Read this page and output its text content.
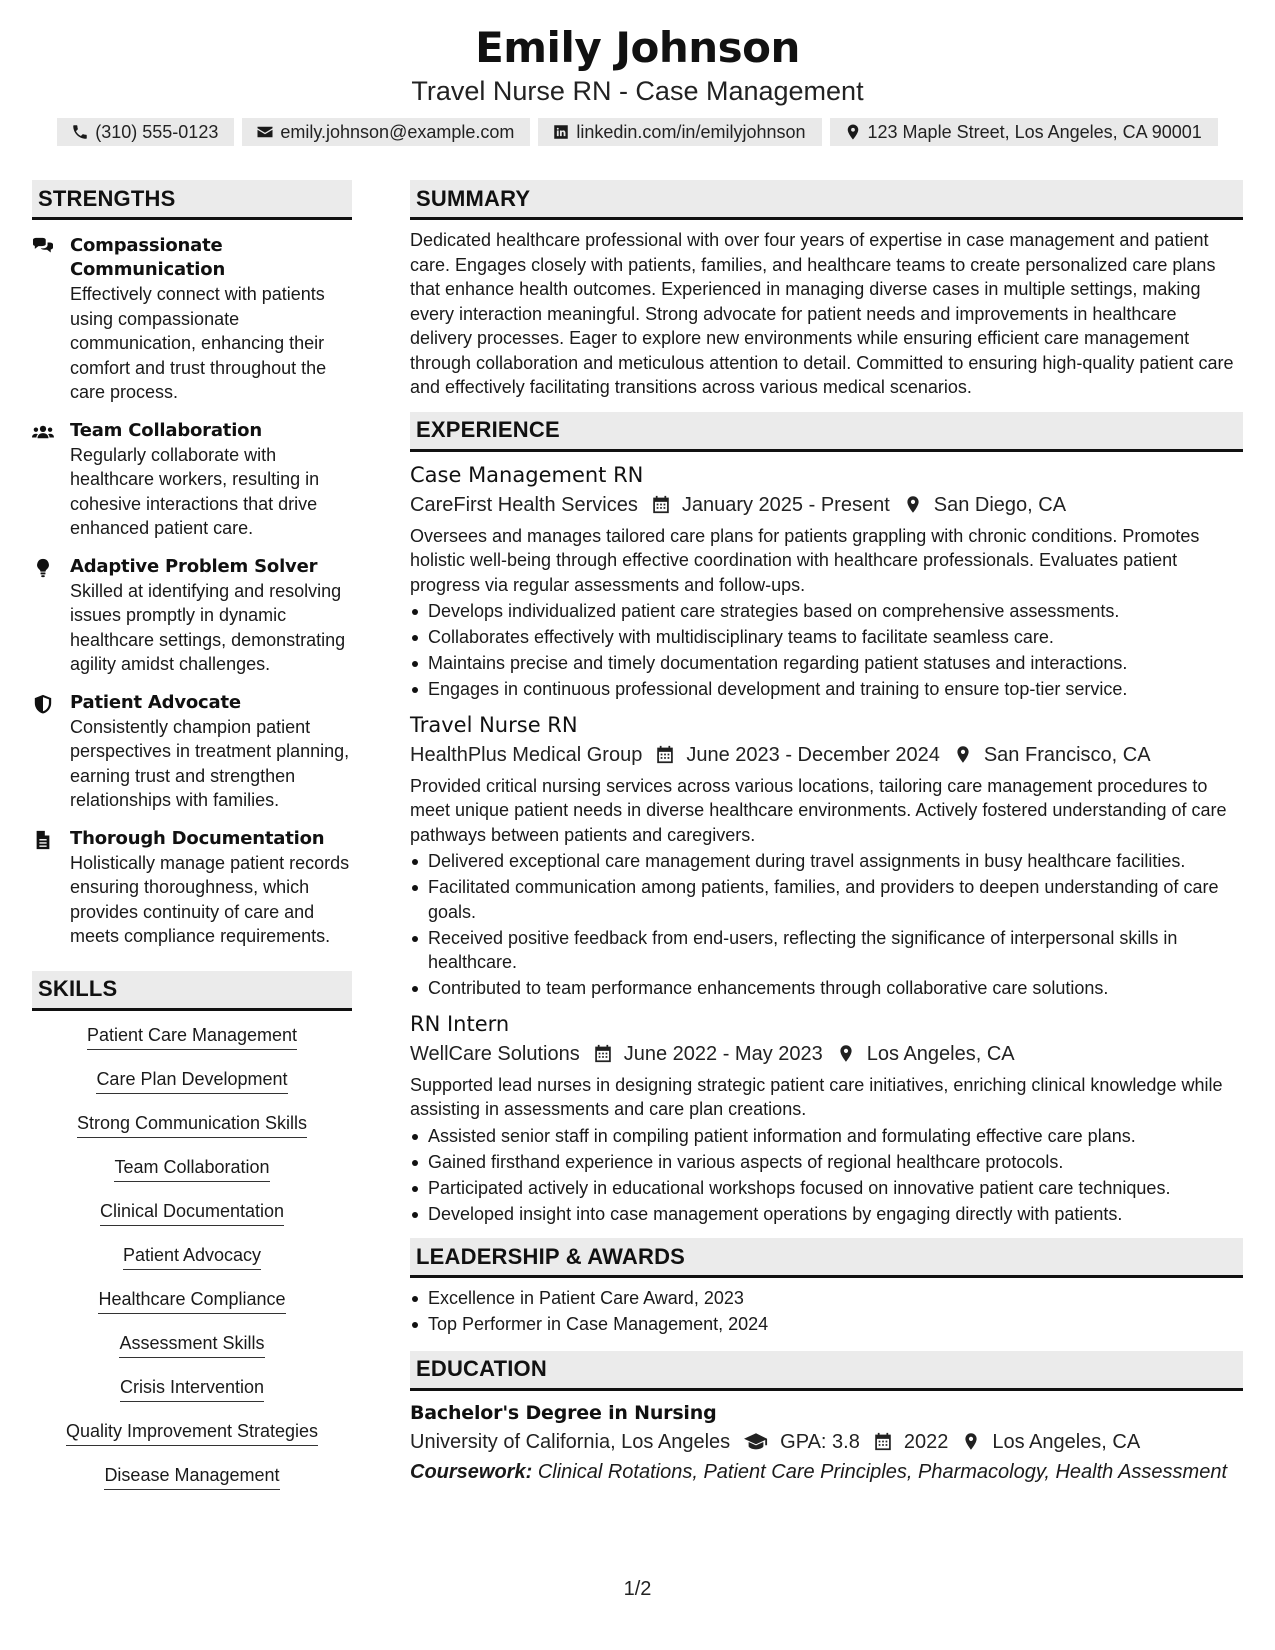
Emily Johnson
Travel Nurse RN - Case Management
(310) 555-0123	emily.johnson@example.com	linkedin.com/in/emilyjohnson	123 Maple Street, Los Angeles, CA 90001
STRENGTHS
Compassionate Communication
Effectively connect with patients using compassionate communication, enhancing their comfort and trust throughout the care process.
Team Collaboration
Regularly collaborate with healthcare workers, resulting in cohesive interactions that drive enhanced patient care.
Adaptive Problem Solver
Skilled at identifying and resolving issues promptly in dynamic healthcare settings, demonstrating agility amidst challenges.
Patient Advocate
Consistently champion patient perspectives in treatment planning, earning trust and strengthen relationships with families.
Thorough Documentation
Holistically manage patient records ensuring thoroughness, which provides continuity of care and meets compliance requirements.
SKILLS
Patient Care Management
Care Plan Development
Strong Communication Skills
Team Collaboration
Clinical Documentation
Patient Advocacy
Healthcare Compliance
Assessment Skills
Crisis Intervention
Quality Improvement Strategies
Disease Management
SUMMARY
Dedicated healthcare professional with over four years of expertise in case management and patient care. Engages closely with patients, families, and healthcare teams to create personalized care plans that enhance health outcomes. Experienced in managing diverse cases in multiple settings, making every interaction meaningful. Strong advocate for patient needs and improvements in healthcare delivery processes. Eager to explore new environments while ensuring efficient care management through collaboration and meticulous attention to detail. Committed to ensuring high-quality patient care and effectively facilitating transitions across various medical scenarios.
EXPERIENCE
Case Management RN
CareFirst Health Services January 2025 - Present San Diego, CA
Oversees and manages tailored care plans for patients grappling with chronic conditions. Promotes holistic well-being through effective coordination with healthcare professionals. Evaluates patient progress via regular assessments and follow-ups.
Develops individualized patient care strategies based on comprehensive assessments.
Collaborates effectively with multidisciplinary teams to facilitate seamless care.
Maintains precise and timely documentation regarding patient statuses and interactions.
Engages in continuous professional development and training to ensure top-tier service.
Travel Nurse RN
HealthPlus Medical Group June 2023 - December 2024 San Francisco, CA
Provided critical nursing services across various locations, tailoring care management procedures to meet unique patient needs in diverse healthcare environments. Actively fostered understanding of care pathways between patients and caregivers.
Delivered exceptional care management during travel assignments in busy healthcare facilities.
Facilitated communication among patients, families, and providers to deepen understanding of care goals.
Received positive feedback from end-users, reflecting the significance of interpersonal skills in healthcare.
Contributed to team performance enhancements through collaborative care solutions.
RN Intern
WellCare Solutions June 2022 - May 2023 Los Angeles, CA
Supported lead nurses in designing strategic patient care initiatives, enriching clinical knowledge while assisting in assessments and care plan creations.
Assisted senior staff in compiling patient information and formulating effective care plans.
Gained firsthand experience in various aspects of regional healthcare protocols.
Participated actively in educational workshops focused on innovative patient care techniques.
Developed insight into case management operations by engaging directly with patients.
LEADERSHIP & AWARDS
Excellence in Patient Care Award, 2023
Top Performer in Case Management, 2024
EDUCATION
Bachelor's Degree in Nursing
University of California, Los Angeles	GPA: 3.8 2022 Los Angeles, CA
Coursework: Clinical Rotations, Patient Care Principles, Pharmacology, Health Assessment
1/2
